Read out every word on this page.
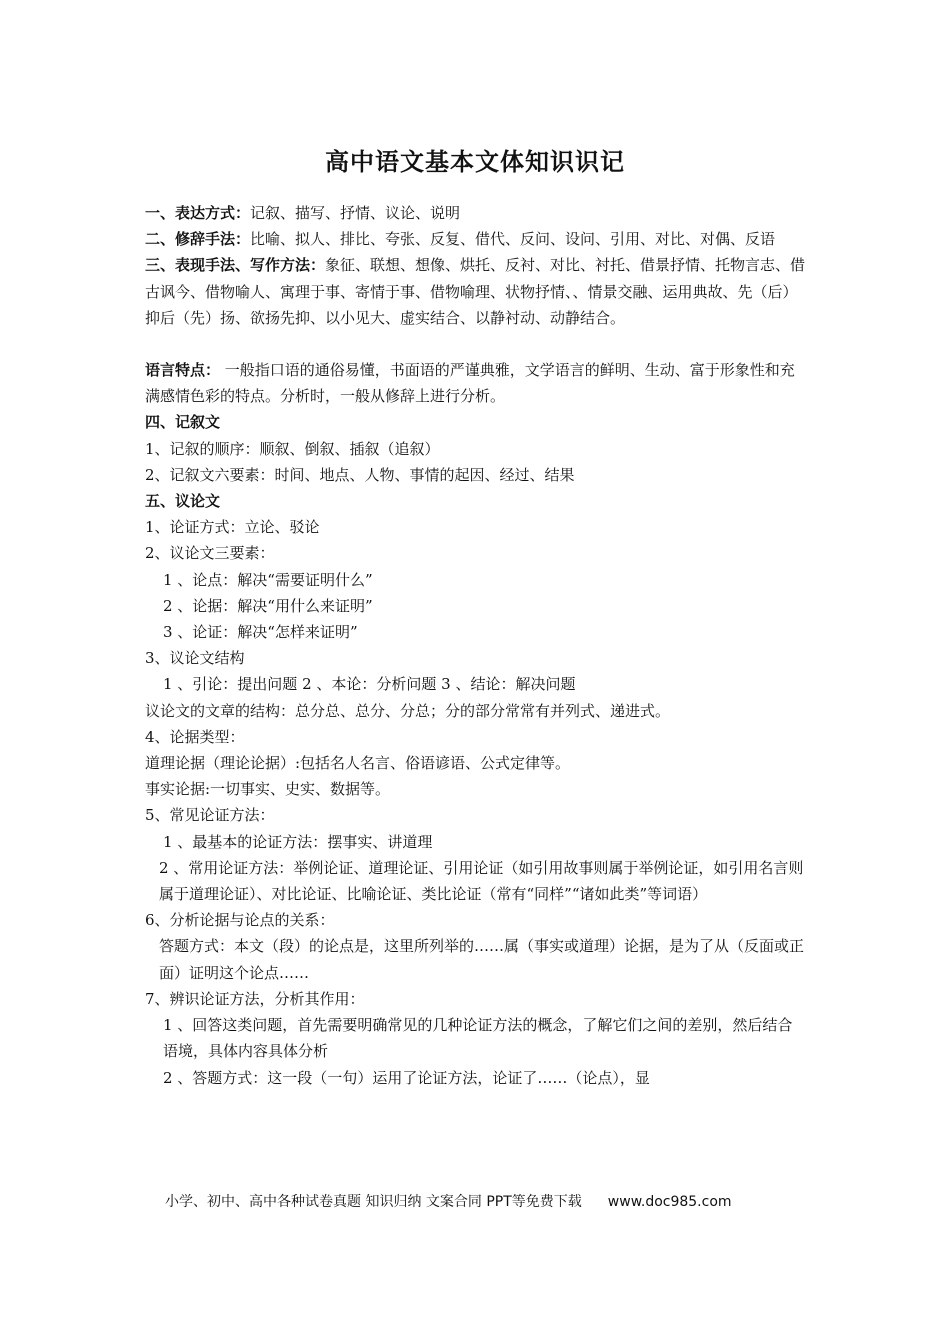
高中语文基本文体知识识记

一、表达方式：记叙、描写、抒情、议论、说明

二、修辞手法：比喻、拟人、排比、夸张、反复、借代、反问、设问、引用、对比、对偶、反语

三、表现手法、写作方法：象征、联想、想像、烘托、反衬、对比、衬托、借景抒情、托物言志、借古讽今、借物喻人、寓理于事、寄情于事、借物喻理、状物抒情、、情景交融、运用典故、先（后）抑后（先）扬、欲扬先抑、以小见大、虚实结合、以静衬动、动静结合。

语言特点： 一般指口语的通俗易懂，书面语的严谨典雅，文学语言的鲜明、生动、富于形象性和充满感情色彩的特点。分析时，一般从修辞上进行分析。

四、记叙文

1、记叙的顺序：顺叙、倒叙、插叙（追叙）

2、记叙文六要素：时间、地点、人物、事情的起因、经过、结果

五、议论文

1、论证方式：立论、驳论

2、议论文三要素：

1 、论点：解决“需要证明什么”

2 、论据：解决“用什么来证明”

3 、论证：解决“怎样来证明”

3、议论文结构

1 、引论：提出问题 2 、本论：分析问题 3 、结论：解决问题

议论文的文章的结构：总分总、总分、分总；分的部分常常有并列式、递进式。

4、论据类型：

道理论据（理论论据）:包括名人名言、俗语谚语、公式定律等。

事实论据:一切事实、史实、数据等。

5、常见论证方法：

1 、最基本的论证方法：摆事实、讲道理

2 、常用论证方法：举例论证、道理论证、引用论证（如引用故事则属于举例论证，如引用名言则属于道理论证）、对比论证、比喻论证、类比论证（常有“同样”“诸如此类”等词语）

6、分析论据与论点的关系：

答题方式：本文（段）的论点是，这里所列举的……属（事实或道理）论据，是为了从（反面或正面）证明这个论点……

7、辨识论证方法，分析其作用：

1 、回答这类问题，首先需要明确常见的几种论证方法的概念，了解它们之间的差别，然后结合语境，具体内容具体分析

2 、答题方式：这一段（一句）运用了论证方法，论证了……（论点），显

小学、初中、高中各种试卷真题 知识归纳 文案合同 PPT等免费下载 www.doc985.com
